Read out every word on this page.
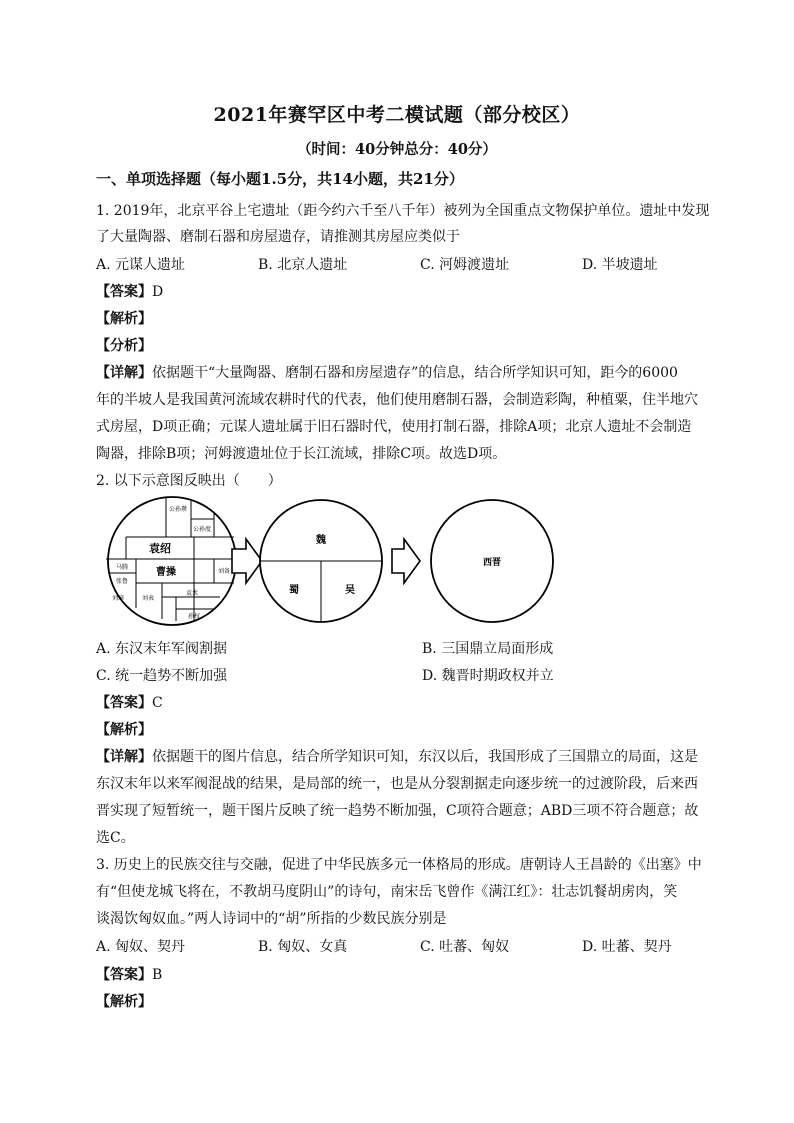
2021年赛罕区中考二模试题（部分校区）
（时间：40分钟总分：40分）
一、单项选择题（每小题1.5分，共14小题，共21分）
1. 2019年，北京平谷上宅遗址（距今约六千至八千年）被列为全国重点文物保护单位。遗址中发现
了大量陶器、磨制石器和房屋遗存，请推测其房屋应类似于
A. 元谋人遗址	B. 北京人遗址	C. 河姆渡遗址	D. 半坡遗址
【答案】D
【解析】
【分析】
【详解】依据题干“大量陶器、磨制石器和房屋遗存”的信息，结合所学知识可知，距今的6000
年的半坡人是我国黄河流域农耕时代的代表，他们使用磨制石器，会制造彩陶，种植粟，住半地穴
式房屋，D项正确；元谋人遗址属于旧石器时代，使用打制石器，排除A项；北京人遗址不会制造
陶器，排除B项；河姆渡遗址位于长江流域，排除C项。故选D项。
2. 以下示意图反映出（　　）
公孙瓒
公孙度
袁绍
曹操
马腾
张鲁
刘璋	刘表
孙权
袁术
刘备
魏
蜀	吴
西晋
A. 东汉末年军阀割据	B. 三国鼎立局面形成
C. 统一趋势不断加强	D. 魏晋时期政权并立
【答案】C
【解析】
【详解】依据题干的图片信息，结合所学知识可知，东汉以后，我国形成了三国鼎立的局面，这是
东汉末年以来军阀混战的结果，是局部的统一，也是从分裂割据走向逐步统一的过渡阶段，后来西
晋实现了短暂统一，题干图片反映了统一趋势不断加强，C项符合题意；ABD三项不符合题意；故
选C。
3. 历史上的民族交往与交融，促进了中华民族多元一体格局的形成。唐朝诗人王昌龄的《出塞》中
有“但使龙城飞将在，不教胡马度阴山”的诗句，南宋岳飞曾作《满江红》：壮志饥餐胡虏肉，笑
谈渴饮匈奴血。”两人诗词中的“胡”所指的少数民族分别是
A. 匈奴、契丹	B. 匈奴、女真	C. 吐蕃、匈奴	D. 吐蕃、契丹
【答案】B
【解析】
